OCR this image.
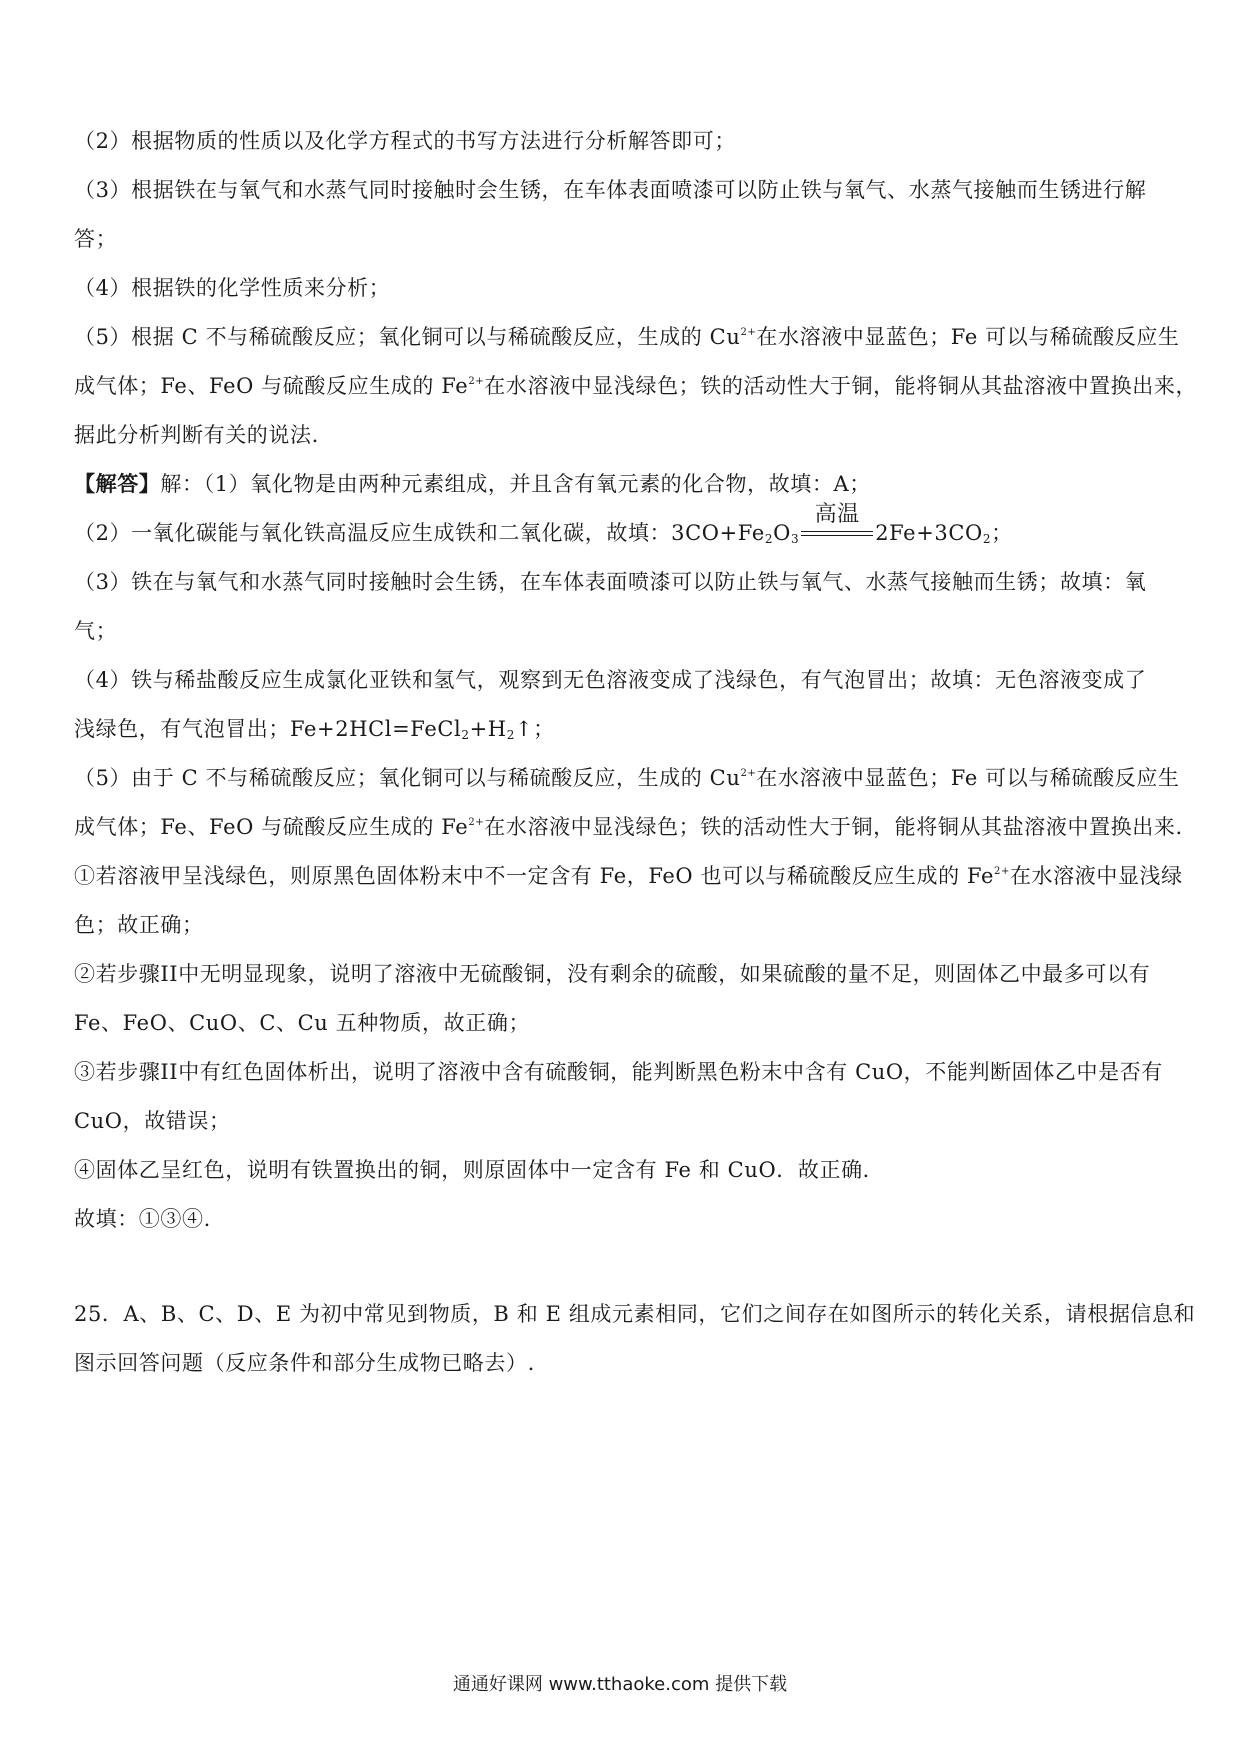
（2）根据物质的性质以及化学方程式的书写方法进行分析解答即可；
（3）根据铁在与氧气和水蒸气同时接触时会生锈，在车体表面喷漆可以防止铁与氧气、水蒸气接触而生锈进行解
答；
（4）根据铁的化学性质来分析；
（5）根据 C 不与稀硫酸反应；氧化铜可以与稀硫酸反应，生成的 $Cu^{2+}$在水溶液中显蓝色；Fe 可以与稀硫酸反应生
成气体；Fe、FeO 与硫酸反应生成的 $Fe^{2+}$在水溶液中显浅绿色；铁的活动性大于铜，能将铜从其盐溶液中置换出来，
据此分析判断有关的说法.
【解答】解：（1）氧化物是由两种元素组成，并且含有氧元素的化合物，故填：A；
（2）一氧化碳能与氧化铁高温反应生成铁和二氧化碳，故填：$3CO+Fe_2O_3$
高温
$2Fe+3CO_2$；
（3）铁在与氧气和水蒸气同时接触时会生锈，在车体表面喷漆可以防止铁与氧气、水蒸气接触而生锈；故填：氧
气；
（4）铁与稀盐酸反应生成氯化亚铁和氢气，观察到无色溶液变成了浅绿色，有气泡冒出；故填：无色溶液变成了
浅绿色，有气泡冒出；$Fe+2HCl=FeCl_2+H_2↑$；
（5）由于 C 不与稀硫酸反应；氧化铜可以与稀硫酸反应，生成的 $Cu^{2+}$在水溶液中显蓝色；Fe 可以与稀硫酸反应生
成气体；Fe、FeO 与硫酸反应生成的 $Fe^{2+}$在水溶液中显浅绿色；铁的活动性大于铜，能将铜从其盐溶液中置换出来.
①若溶液甲呈浅绿色，则原黑色固体粉末中不一定含有 Fe，FeO 也可以与稀硫酸反应生成的 $Fe^{2+}$在水溶液中显浅绿
色；故正确；
②若步骤II中无明显现象，说明了溶液中无硫酸铜，没有剩余的硫酸，如果硫酸的量不足，则固体乙中最多可以有
Fe、FeO、CuO、C、Cu 五种物质，故正确；
③若步骤II中有红色固体析出，说明了溶液中含有硫酸铜，能判断黑色粉末中含有 CuO，不能判断固体乙中是否有
CuO，故错误；
④固体乙呈红色，说明有铁置换出的铜，则原固体中一定含有 Fe 和 CuO．故正确．
故填：①③④.
25．A、B、C、D、E 为初中常见到物质，B 和 E 组成元素相同，它们之间存在如图所示的转化关系，请根据信息和
图示回答问题（反应条件和部分生成物已略去）.
通通好课网 www.tthaoke.com 提供下载
